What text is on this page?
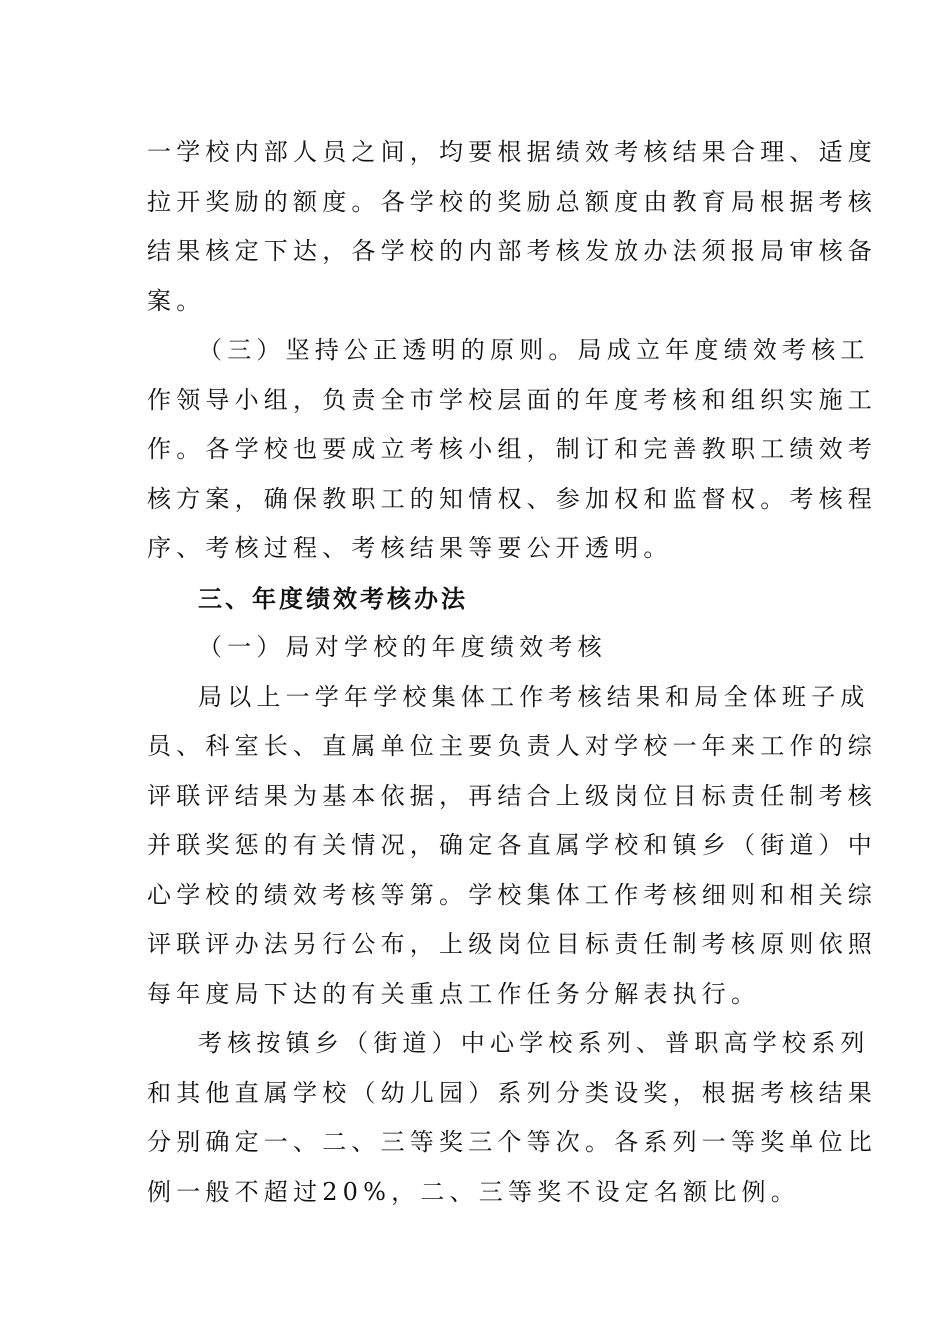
一学校内部人员之间，均要根据绩效考核结果合理、适度
拉开奖励的额度。各学校的奖励总额度由教育局根据考核
结果核定下达，各学校的内部考核发放办法须报局审核备
案。
（三）坚持公正透明的原则。局成立年度绩效考核工
作领导小组，负责全市学校层面的年度考核和组织实施工
作。各学校也要成立考核小组，制订和完善教职工绩效考
核方案，确保教职工的知情权、参加权和监督权。考核程
序、考核过程、考核结果等要公开透明。
三、年度绩效考核办法
（一）局对学校的年度绩效考核
局以上一学年学校集体工作考核结果和局全体班子成
员、科室长、直属单位主要负责人对学校一年来工作的综
评联评结果为基本依据，再结合上级岗位目标责任制考核
并联奖惩的有关情况，确定各直属学校和镇乡（街道）中
心学校的绩效考核等第。学校集体工作考核细则和相关综
评联评办法另行公布，上级岗位目标责任制考核原则依照
每年度局下达的有关重点工作任务分解表执行。
考核按镇乡（街道）中心学校系列、普职高学校系列
和其他直属学校（幼儿园）系列分类设奖，根据考核结果
分别确定一、二、三等奖三个等次。各系列一等奖单位比
例一般不超过20%，二、三等奖不设定名额比例。
